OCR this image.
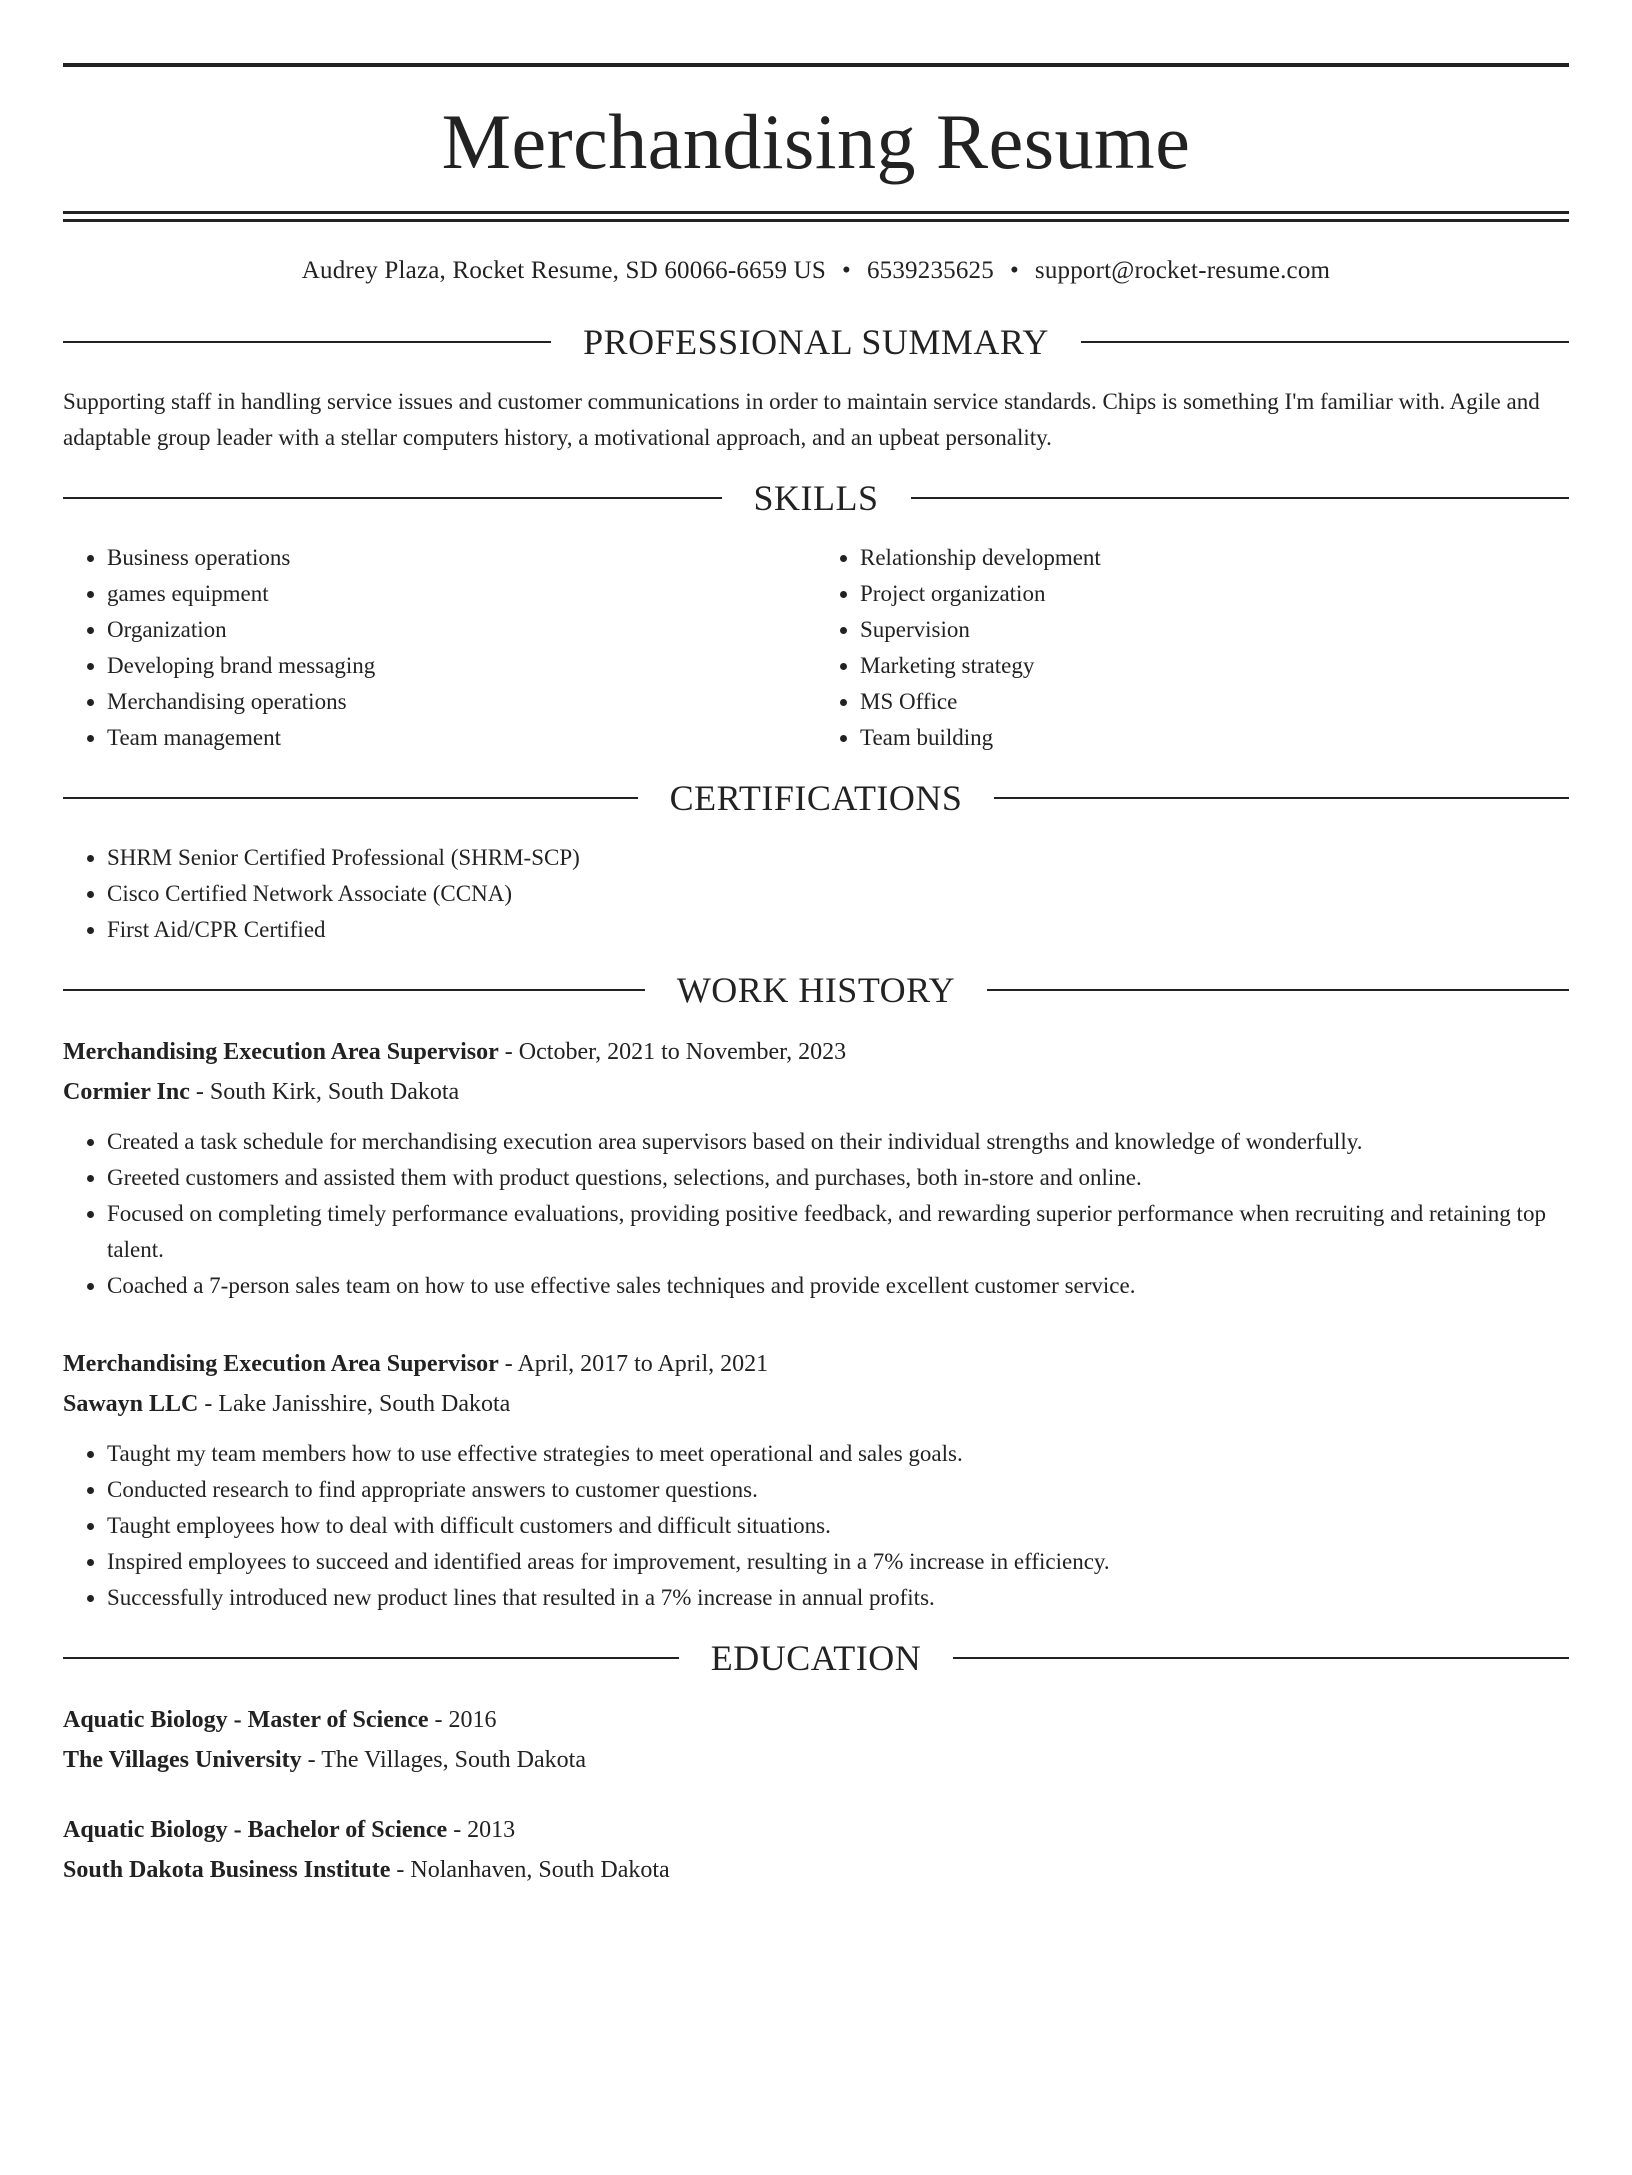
Merchandising Resume
Audrey Plaza, Rocket Resume, SD 60066-6659 US • 6539235625 • support@rocket-resume.com
PROFESSIONAL SUMMARY

Supporting staff in handling service issues and customer communications in order to maintain service standards. Chips is something I'm familiar with. Agile and adaptable group leader with a stellar computers history, a motivational approach, and an upbeat personality.

SKILLS
• Business operations
• games equipment
• Organization
• Developing brand messaging
• Merchandising operations
• Team management
• Relationship development
• Project organization
• Supervision
• Marketing strategy
• MS Office
• Team building
CERTIFICATIONS
• SHRM Senior Certified Professional (SHRM-SCP)
• Cisco Certified Network Associate (CCNA)
• First Aid/CPR Certified
WORK HISTORY
Merchandising Execution Area Supervisor - October, 2021 to November, 2023
Cormier Inc - South Kirk, South Dakota
• Created a task schedule for merchandising execution area supervisors based on their individual strengths and knowledge of wonderfully.
• Greeted customers and assisted them with product questions, selections, and purchases, both in-store and online.
• Focused on completing timely performance evaluations, providing positive feedback, and rewarding superior performance when recruiting and retaining top talent.
• Coached a 7-person sales team on how to use effective sales techniques and provide excellent customer service.
Merchandising Execution Area Supervisor - April, 2017 to April, 2021
Sawayn LLC - Lake Janisshire, South Dakota
• Taught my team members how to use effective strategies to meet operational and sales goals.
• Conducted research to find appropriate answers to customer questions.
• Taught employees how to deal with difficult customers and difficult situations.
• Inspired employees to succeed and identified areas for improvement, resulting in a 7% increase in efficiency.
• Successfully introduced new product lines that resulted in a 7% increase in annual profits.
EDUCATION
Aquatic Biology - Master of Science - 2016
The Villages University - The Villages, South Dakota
Aquatic Biology - Bachelor of Science - 2013
South Dakota Business Institute - Nolanhaven, South Dakota
